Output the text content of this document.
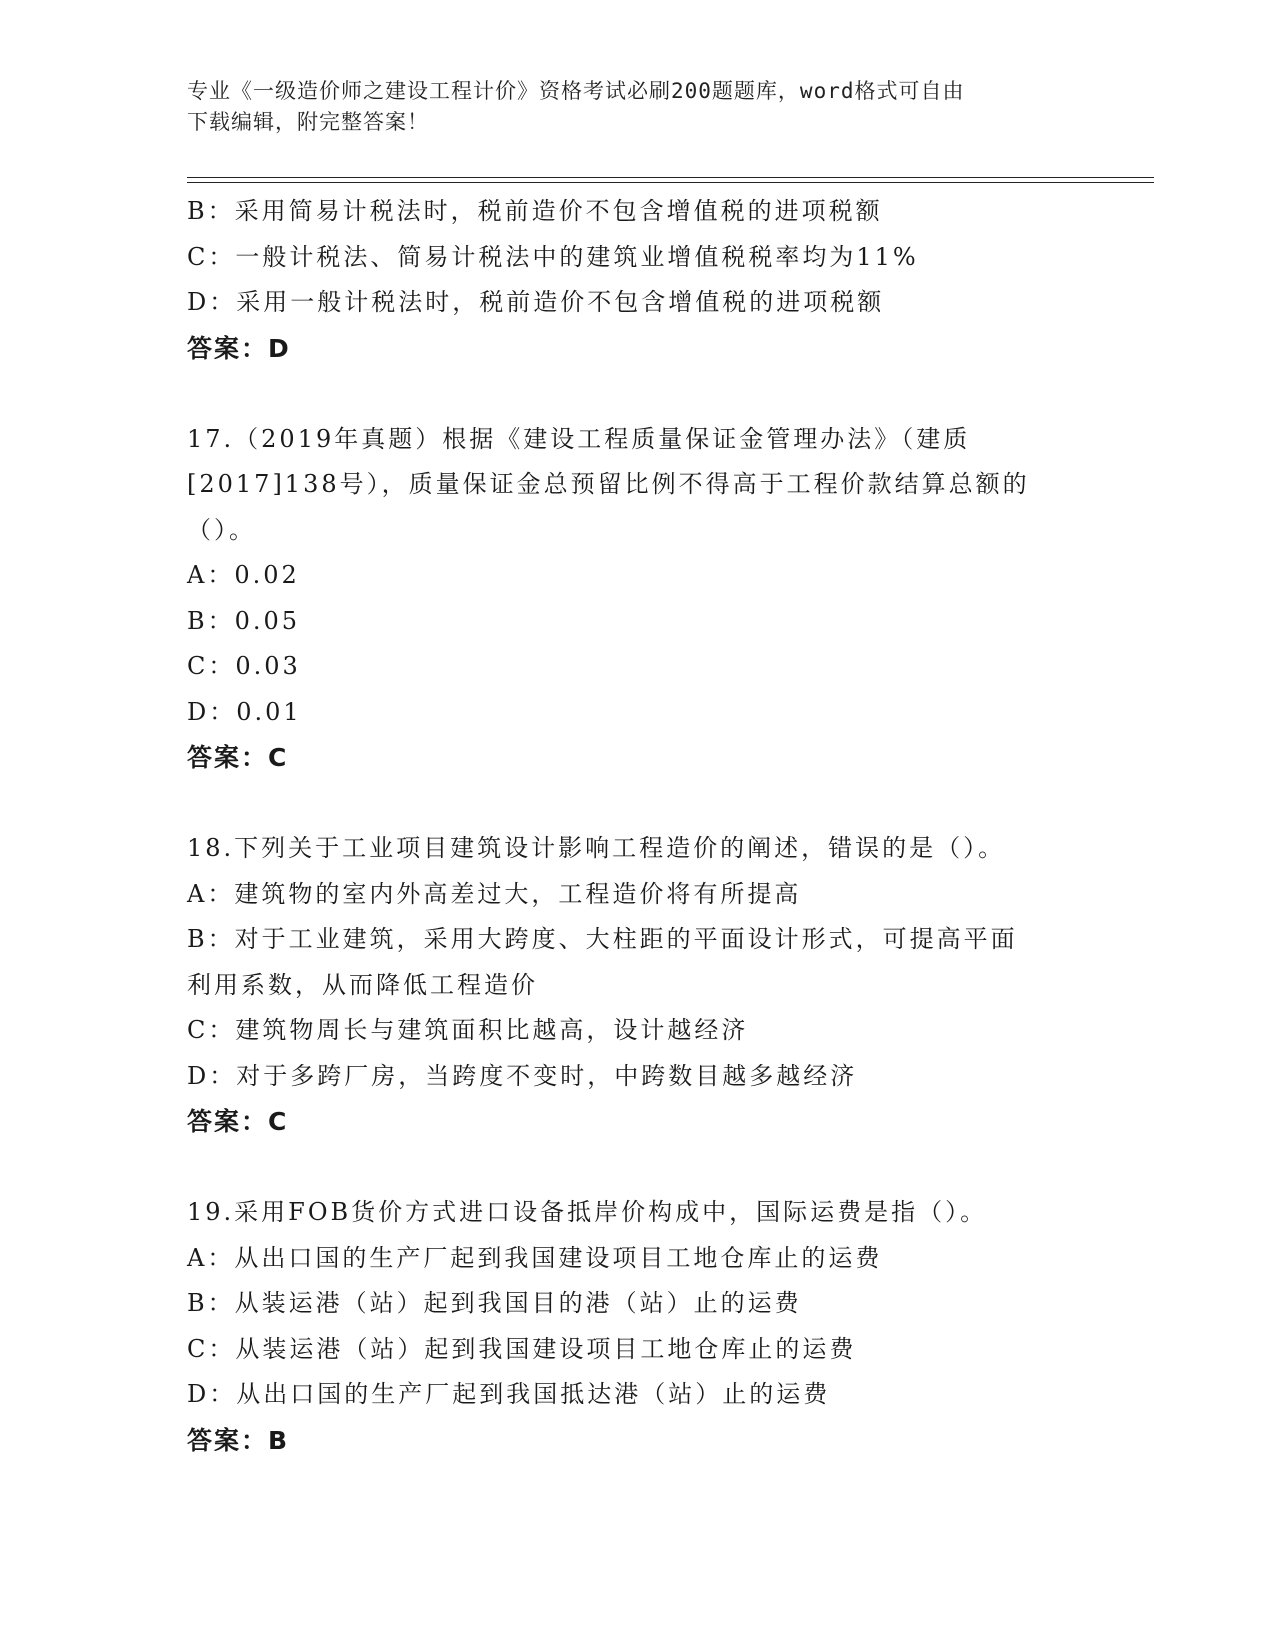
专业《一级造价师之建设工程计价》资格考试必刷200题题库，word格式可自由
下载编辑，附完整答案！
B：采用简易计税法时，税前造价不包含增值税的进项税额
C：一般计税法、简易计税法中的建筑业增值税税率均为11%
D：采用一般计税法时，税前造价不包含增值税的进项税额
答案：D
17.（2019年真题）根据《建设工程质量保证金管理办法》（建质
[2017]138号），质量保证金总预留比例不得高于工程价款结算总额的
（）。
A：0.02
B：0.05
C：0.03
D：0.01
答案：C
18.下列关于工业项目建筑设计影响工程造价的阐述，错误的是（）。
A：建筑物的室内外高差过大，工程造价将有所提高
B：对于工业建筑，采用大跨度、大柱距的平面设计形式，可提高平面
利用系数，从而降低工程造价
C：建筑物周长与建筑面积比越高，设计越经济
D：对于多跨厂房，当跨度不变时，中跨数目越多越经济
答案：C
19.采用FOB货价方式进口设备抵岸价构成中，国际运费是指（）。
A：从出口国的生产厂起到我国建设项目工地仓库止的运费
B：从装运港（站）起到我国目的港（站）止的运费
C：从装运港（站）起到我国建设项目工地仓库止的运费
D：从出口国的生产厂起到我国抵达港（站）止的运费
答案：B
